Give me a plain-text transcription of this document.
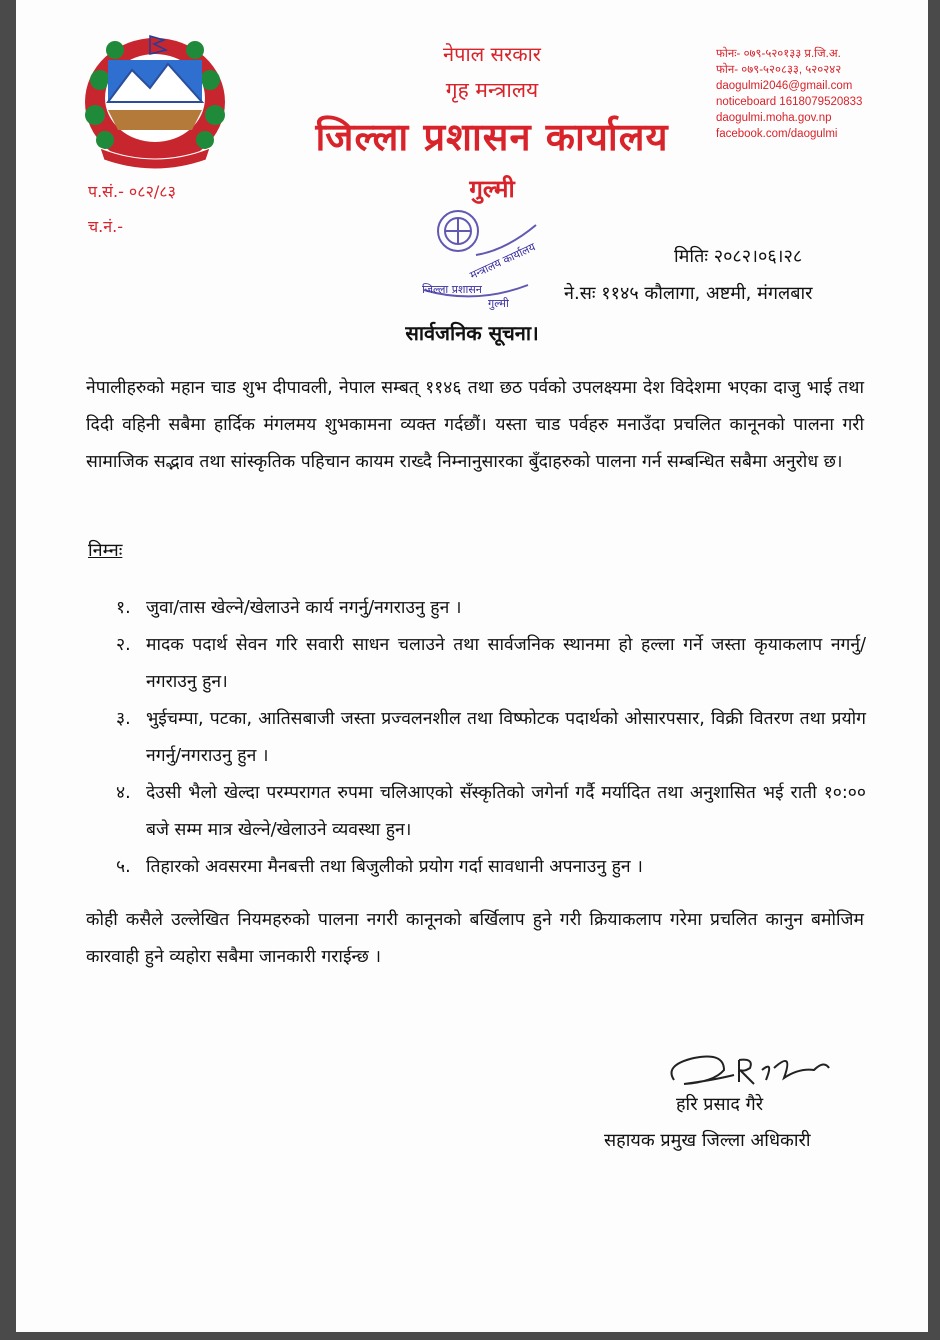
नेपाल सरकार
गृह मन्त्रालय
जिल्ला प्रशासन कार्यालय
गुल्मी
फोनः- ०७९-५२०१३३ प्र.जि.अ.
फोन- ०७९-५२०८३३, ५२०२४२
daogulmi2046@gmail.com
noticeboard 1618079520833
daogulmi.moha.gov.np
facebook.com/daogulmi
प.सं.- ०८२/८३
च.नं.-
मन्त्रालय कार्यालय
जिल्ला प्रशासन
गुल्मी
मितिः २०८२।०६।२८
ने.सः ११४५ कौलागा, अष्टमी, मंगलबार
सार्वजनिक सूचना।
नेपालीहरुको महान चाड शुभ दीपावली, नेपाल सम्बत् ११४६ तथा छठ पर्वको उपलक्ष्यमा देश विदेशमा भएका दाजु भाई तथा दिदी वहिनी सबैमा हार्दिक मंगलमय शुभकामना व्यक्त गर्दछौं। यस्ता चाड पर्वहरु मनाउँदा प्रचलित कानूनको पालना गरी सामाजिक सद्भाव तथा सांस्कृतिक पहिचान कायम राख्दै निम्नानुसारका बुँदाहरुको पालना गर्न सम्बन्धित सबैमा अनुरोध छ।
निम्नः
१. जुवा/तास खेल्ने/खेलाउने कार्य नगर्नु/नगराउनु हुन ।
२. मादक पदार्थ सेवन गरि सवारी साधन चलाउने तथा सार्वजनिक स्थानमा हो हल्ला गर्ने जस्ता कृयाकलाप नगर्नु/नगराउनु हुन।
३. भुईचम्पा, पटका, आतिसबाजी जस्ता प्रज्वलनशील तथा विष्फोटक पदार्थको ओसारपसार, विक्री वितरण तथा प्रयोग नगर्नु/नगराउनु हुन ।
४. देउसी भैलो खेल्दा परम्परागत रुपमा चलिआएको सँस्कृतिको जगेर्ना गर्दै मर्यादित तथा अनुशासित भई राती १०:०० बजे सम्म मात्र खेल्ने/खेलाउने व्यवस्था हुन।
५. तिहारको अवसरमा मैनबत्ती तथा बिजुलीको प्रयोग गर्दा सावधानी अपनाउनु हुन ।
कोही कसैले उल्लेखित नियमहरुको पालना नगरी कानूनको बर्खिलाप हुने गरी क्रियाकलाप गरेमा प्रचलित कानुन बमोजिम कारवाही हुने व्यहोरा सबैमा जानकारी गराईन्छ ।
हरि प्रसाद गैरे
सहायक प्रमुख जिल्ला अधिकारी
